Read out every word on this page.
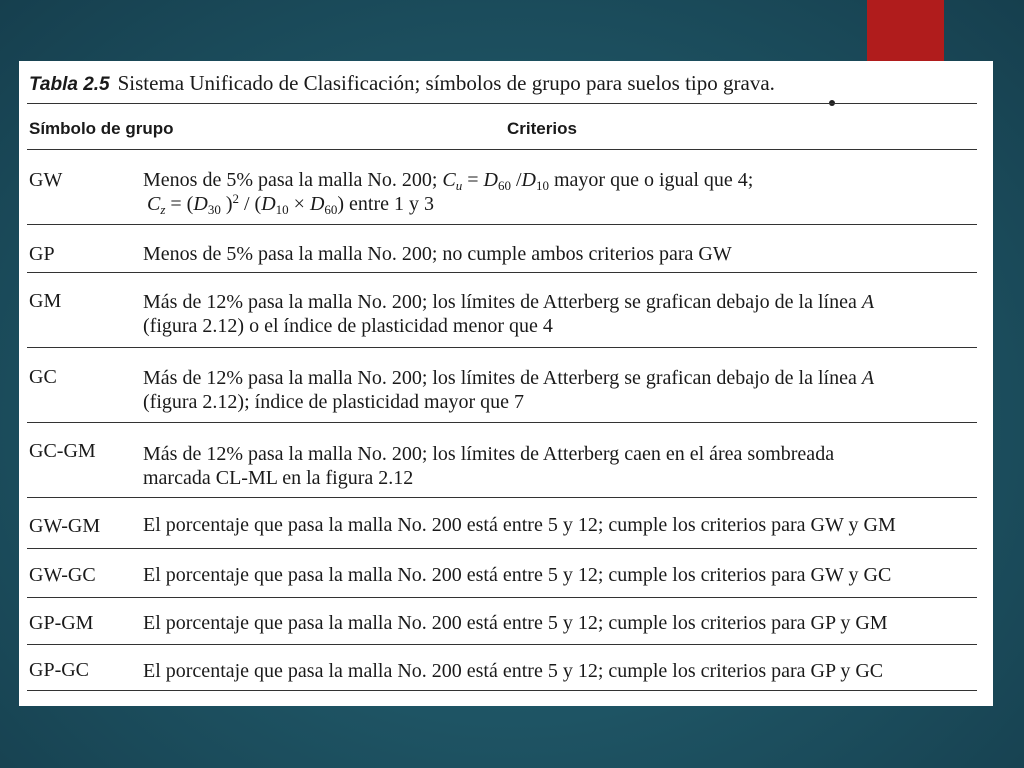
Tabla 2.5 Sistema Unificado de Clasificación; símbolos de grupo para suelos tipo grava.
Símbolo de grupo	Criterios
GW	Menos de 5% pasa la malla No. 200; $C_u = D_{60}$ $/D_{10}$ mayor que o igual que 4;
$C_z = (D_{30}$ )$^2 / (D_{10} \times D_{60})$ entre 1 y 3
GP	Menos de 5% pasa la malla No. 200; no cumple ambos criterios para GW
GM	Más de 12% pasa la malla No. 200; los límites de Atterberg se grafican debajo de la línea A
(figura 2.12) o el índice de plasticidad menor que 4
GC	Más de 12% pasa la malla No. 200; los límites de Atterberg se grafican debajo de la línea A
(figura 2.12); índice de plasticidad mayor que 7
GC-GM Más de 12% pasa la malla No. 200; los límites de Atterberg caen en el área sombreada
marcada CL-ML en la figura 2.12
GW-GM El porcentaje que pasa la malla No. 200 está entre 5 y 12; cumple los criterios para GW y GM
GW-GC El porcentaje que pasa la malla No. 200 está entre 5 y 12; cumple los criterios para GW y GC
GP-GM El porcentaje que pasa la malla No. 200 está entre 5 y 12; cumple los criterios para GP y GM
GP-GC	El porcentaje que pasa la malla No. 200 está entre 5 y 12; cumple los criterios para GP y GC
